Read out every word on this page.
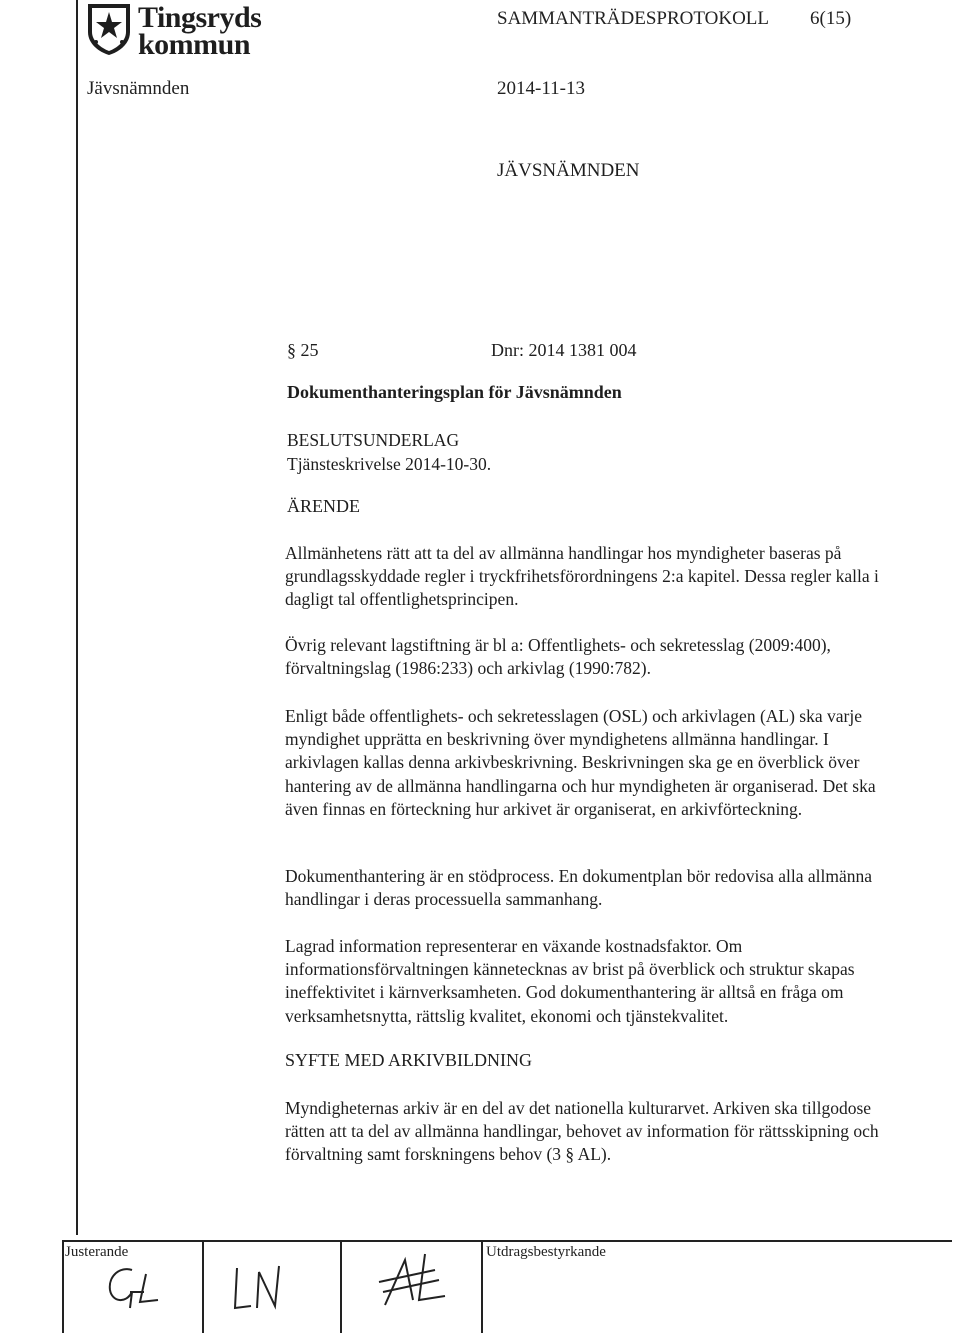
Tingsryds
kommun
SAMMANTRÄDESPROTOKOLL 6(15)
Jävsnämnden	2014-11-13
JÄVSNÄMNDEN
§ 25	Dnr: 2014 1381 004
Dokumenthanteringsplan för Jävsnämnden
BESLUTSUNDERLAG
Tjänsteskrivelse 2014-10-30.
ÄRENDE

Allmänhetens rätt att ta del av allmänna handlingar hos myndigheter baseras på grundlagsskyddade regler i tryckfrihetsförordningens 2:a kapitel. Dessa regler kalla i dagligt tal offentlighetsprincipen.

Övrig relevant lagstiftning är bl a: Offentlighets- och sekretesslag (2009:400), förvaltningslag (1986:233) och arkivlag (1990:782).

Enligt både offentlighets- och sekretesslagen (OSL) och arkivlagen (AL) ska varje myndighet upprätta en beskrivning över myndighetens allmänna handlingar. I arkivlagen kallas denna arkivbeskrivning. Beskrivningen ska ge en överblick över hantering av de allmänna handlingarna och hur myndigheten är organiserad. Det ska även finnas en förteckning hur arkivet är organiserat, en arkivförteckning.

Dokumenthantering är en stödprocess. En dokumentplan bör redovisa alla allmänna handlingar i deras processuella sammanhang.

Lagrad information representerar en växande kostnadsfaktor. Om informationsförvaltningen kännetecknas av brist på överblick och struktur skapas ineffektivitet i kärnverksamheten. God dokumenthantering är alltså en fråga om verksamhetsnytta, rättslig kvalitet, ekonomi och tjänstekvalitet.

SYFTE MED ARKIVBILDNING

Myndigheternas arkiv är en del av det nationella kulturarvet. Arkiven ska tillgodose rätten att ta del av allmänna handlingar, behovet av information för rättsskipning och förvaltning samt forskningens behov (3 § AL).

Justerande	Utdragsbestyrkande
